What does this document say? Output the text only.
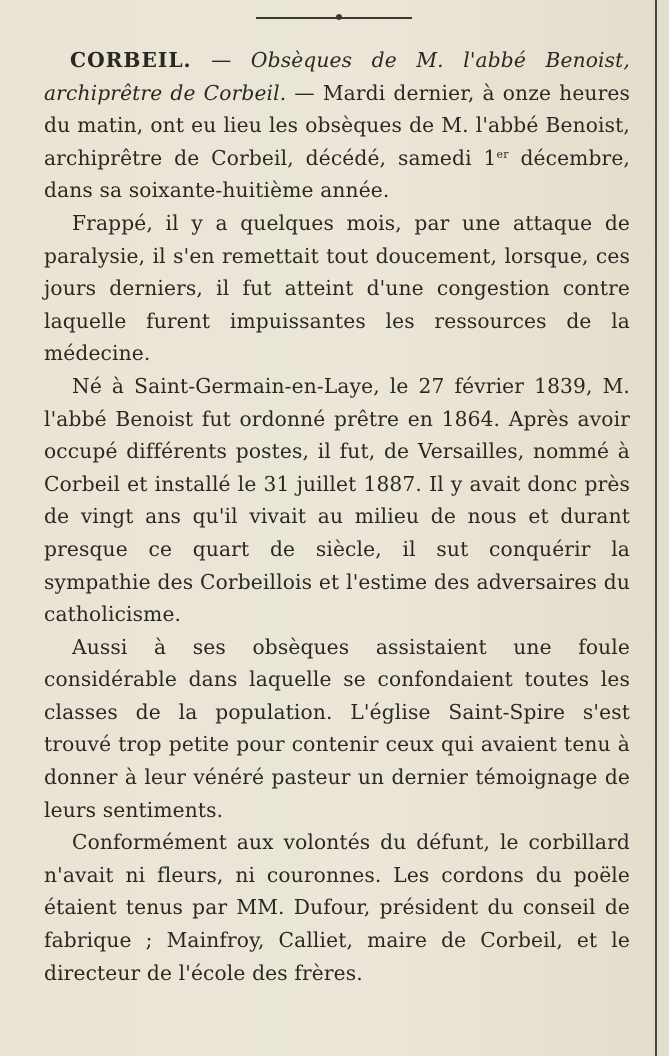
CORBEIL. — Obsèques de M. l'abbé Benoist, archiprêtre de Corbeil. — Mardi dernier, à onze heures du matin, ont eu lieu les obsèques de M. l'abbé Benoist, archiprêtre de Corbeil, décédé, samedi 1er décembre, dans sa soixante-huitième année.

Frappé, il y a quelques mois, par une attaque de paralysie, il s'en remettait tout doucement, lorsque, ces jours derniers, il fut atteint d'une congestion contre laquelle furent impuissantes les ressources de la médecine.

Né à Saint-Germain-en-Laye, le 27 février 1839, M. l'abbé Benoist fut ordonné prêtre en 1864. Après avoir occupé différents postes, il fut, de Versailles, nommé à Corbeil et installé le 31 juillet 1887. Il y avait donc près de vingt ans qu'il vivait au milieu de nous et durant presque ce quart de siècle, il sut conquérir la sympathie des Corbeillois et l'estime des adversaires du catholicisme.

Aussi à ses obsèques assistaient une foule considérable dans laquelle se confondaient toutes les classes de la population. L'église Saint-Spire s'est trouvé trop petite pour contenir ceux qui avaient tenu à donner à leur vénéré pasteur un dernier témoignage de leurs sentiments.

Conformément aux volontés du défunt, le corbillard n'avait ni fleurs, ni couronnes. Les cordons du poële étaient tenus par MM. Dufour, président du conseil de fabrique ; Mainfroy, Calliet, maire de Corbeil, et le directeur de l'école des frères.
